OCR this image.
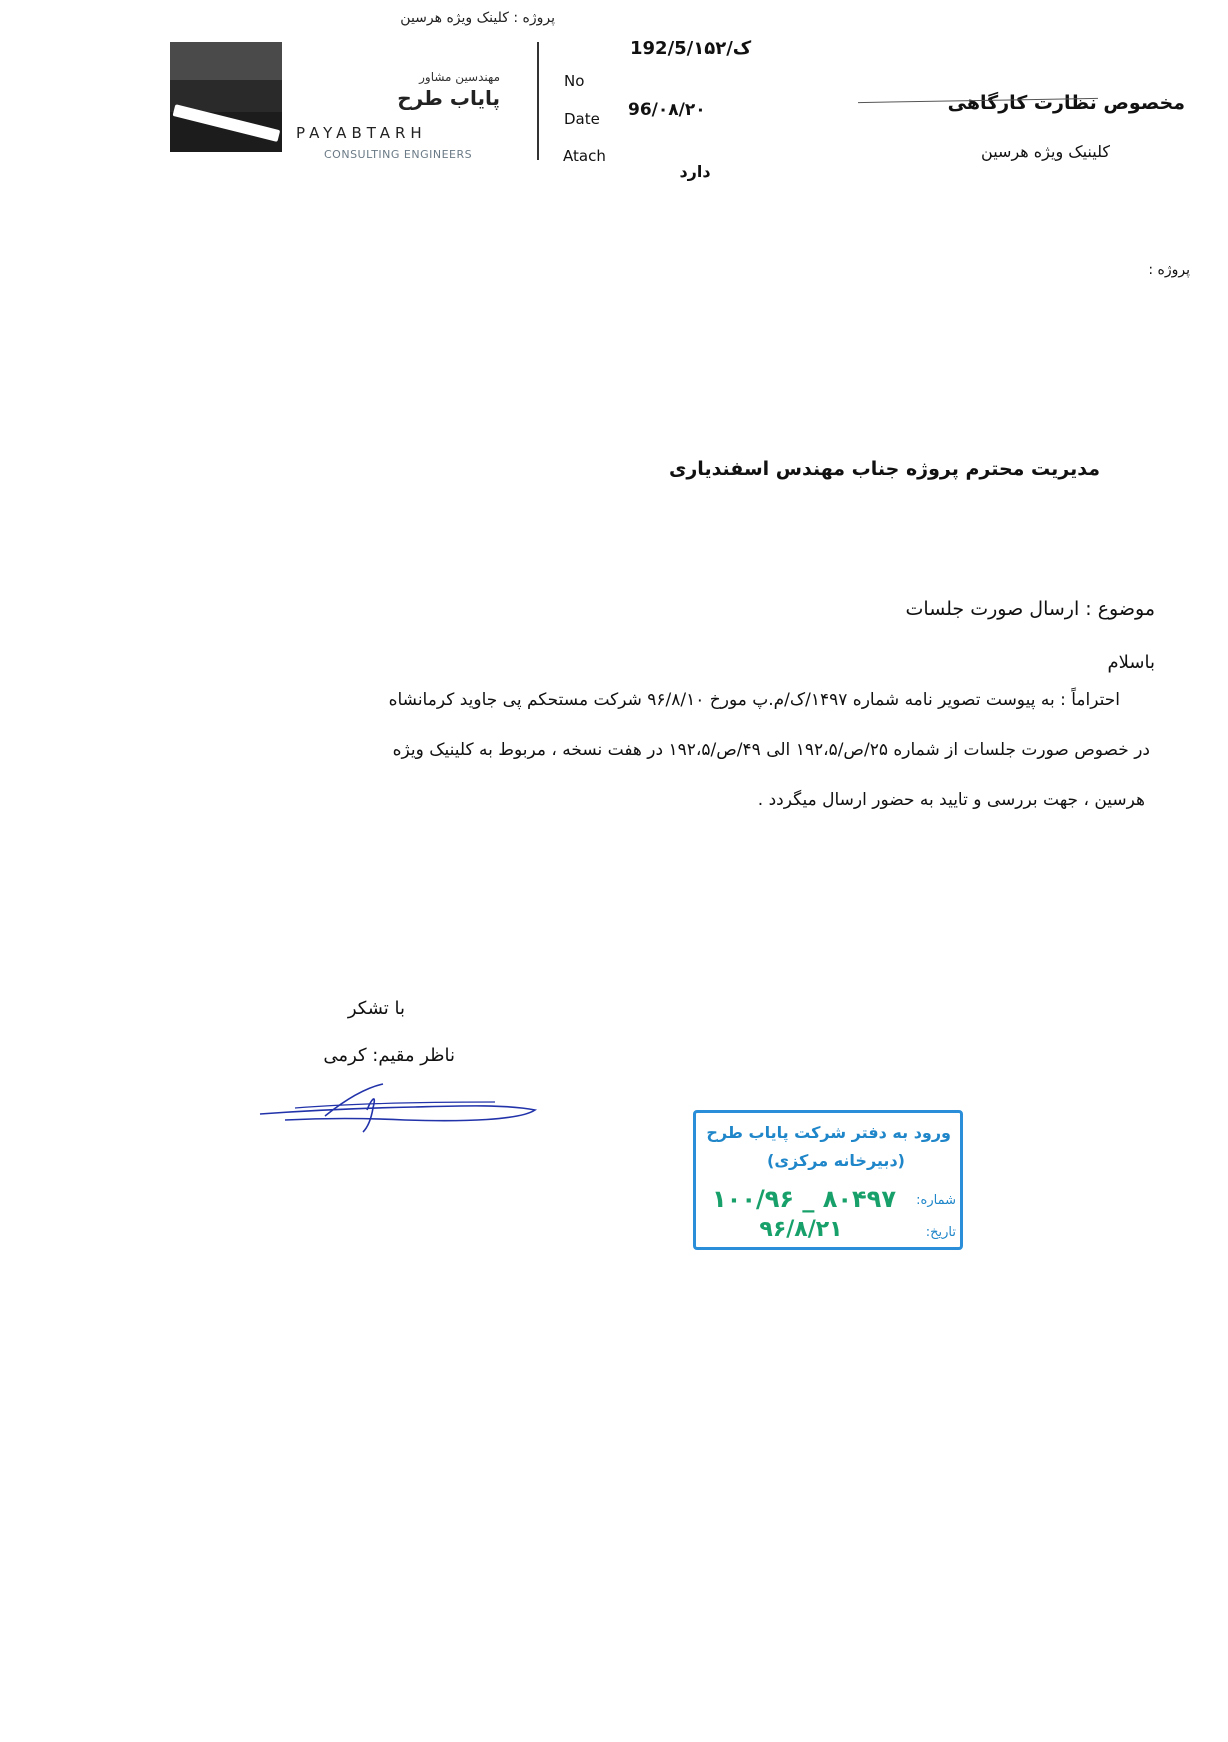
پروژه : کلینک ویژه هرسین
مهندسین مشاور
پایاب طرح
PAYABTARH
CONSULTING ENGINEERS
No
192/5/ک/۱۵۲
Date 96/۰۸/۲۰
Atach
دارد
مخصوص نظارت کارگاهی
کلینیک ویژه هرسین
پروژه :
مدیریت محترم پروژه جناب مهندس اسفندیاری
موضوع : ارسال صورت جلسات
باسلام
احتراماً : به پیوست تصویر نامه شماره ۱۴۹۷/ک/م.پ مورخ ۹۶/۸/۱۰ شرکت مستحکم پی جاوید کرمانشاه
در خصوص صورت جلسات از شماره ۲۵/ص/۱۹۲،۵ الی ۴۹/ص/۱۹۲،۵ در هفت نسخه ، مربوط به کلینیک ویژه
هرسین ، جهت بررسی و تایید به حضور ارسال میگردد .
با تشکر
ناظر مقیم: کرمی
ورود به دفتر شرکت پایاب طرح
(دبیرخانه مرکزی)
شماره:
۱۰۰/۹۶ _ ۸۰۴۹۷
تاریخ:
۹۶/۸/۲۱
